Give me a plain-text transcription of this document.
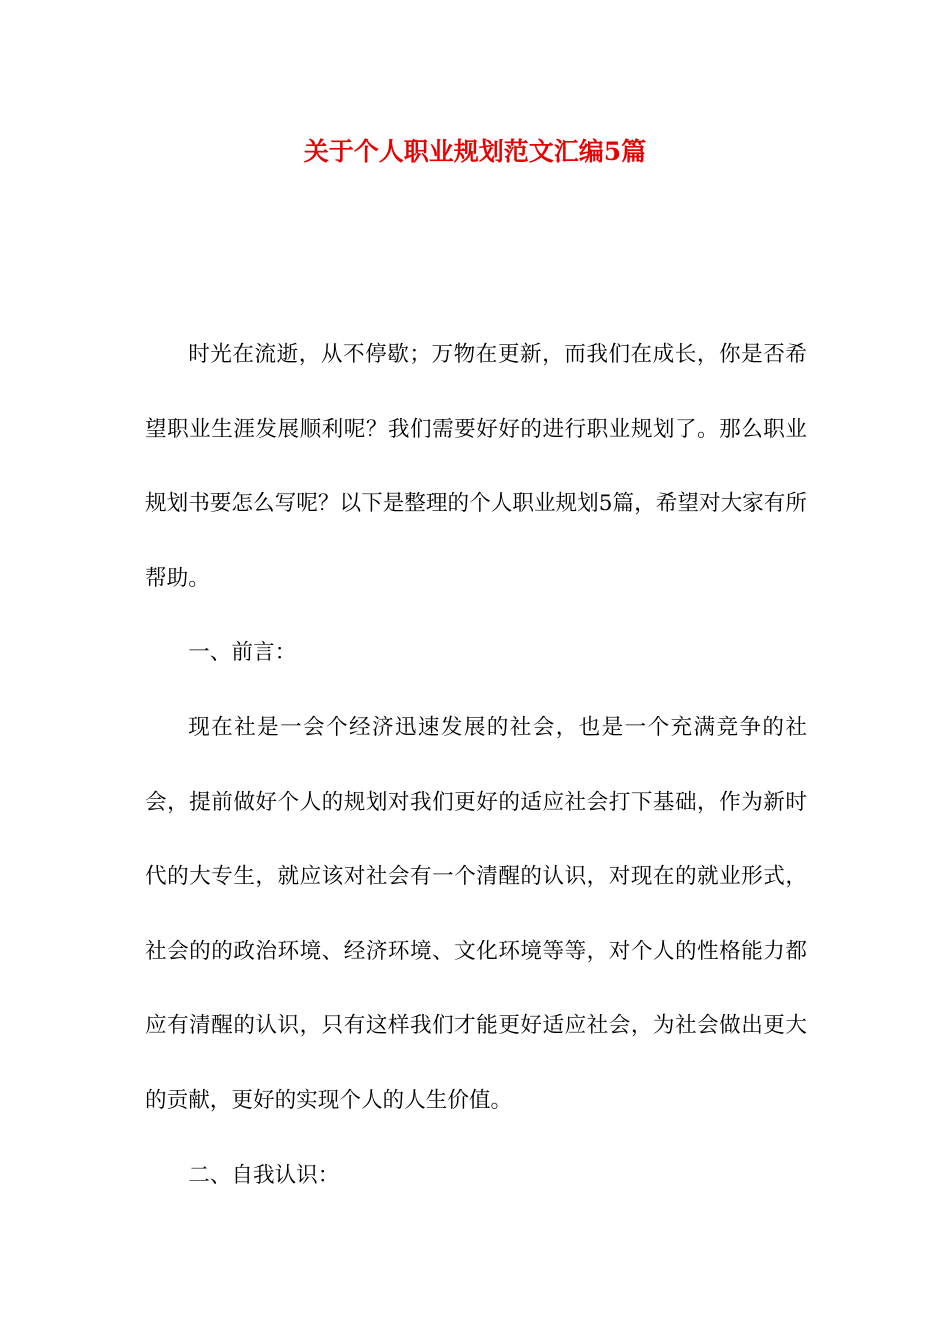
关于个人职业规划范文汇编5篇

时光在流逝，从不停歇；万物在更新，而我们在成长，你是否希望职业生涯发展顺利呢？我们需要好好的进行职业规划了。那么职业规划书要怎么写呢？以下是整理的个人职业规划5篇，希望对大家有所帮助。

一、前言：

现在社是一会个经济迅速发展的社会，也是一个充满竞争的社会，提前做好个人的规划对我们更好的适应社会打下基础，作为新时代的大专生，就应该对社会有一个清醒的认识，对现在的就业形式，社会的的政治环境、经济环境、文化环境等等，对个人的性格能力都应有清醒的认识，只有这样我们才能更好适应社会，为社会做出更大的贡献，更好的实现个人的人生价值。

二、自我认识：
